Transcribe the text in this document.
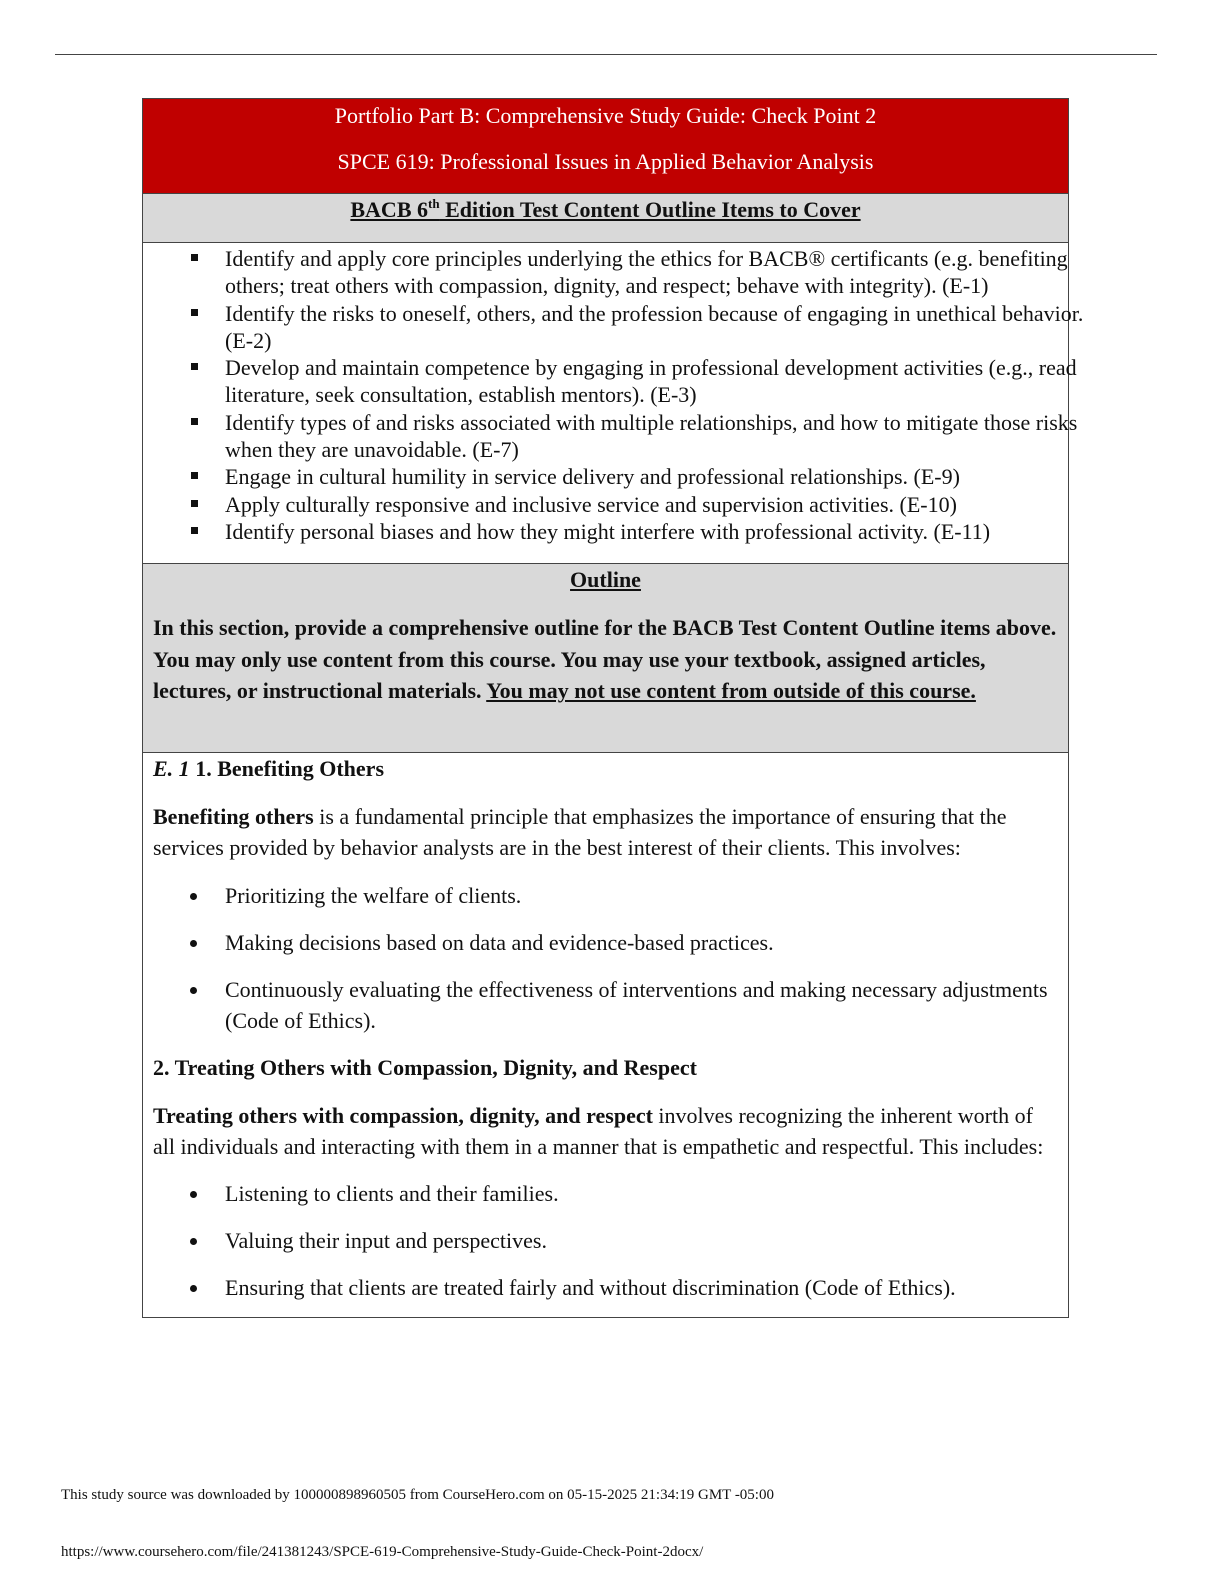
Portfolio Part B: Comprehensive Study Guide: Check Point 2
SPCE 619: Professional Issues in Applied Behavior Analysis
BACB 6th Edition Test Content Outline Items to Cover
Identify and apply core principles underlying the ethics for BACB® certificants (e.g. benefiting others; treat others with compassion, dignity, and respect; behave with integrity). (E-1)
Identify the risks to oneself, others, and the profession because of engaging in unethical behavior. (E-2)
Develop and maintain competence by engaging in professional development activities (e.g., read literature, seek consultation, establish mentors). (E-3)
Identify types of and risks associated with multiple relationships, and how to mitigate those risks when they are unavoidable. (E-7)
Engage in cultural humility in service delivery and professional relationships. (E-9)
Apply culturally responsive and inclusive service and supervision activities. (E-10)
Identify personal biases and how they might interfere with professional activity. (E-11)
Outline
In this section, provide a comprehensive outline for the BACB Test Content Outline items above. You may only use content from this course. You may use your textbook, assigned articles, lectures, or instructional materials. You may not use content from outside of this course.
E. 1 1. Benefiting Others
Benefiting others is a fundamental principle that emphasizes the importance of ensuring that the services provided by behavior analysts are in the best interest of their clients. This involves:
Prioritizing the welfare of clients.
Making decisions based on data and evidence-based practices.
Continuously evaluating the effectiveness of interventions and making necessary adjustments (Code of Ethics).
2. Treating Others with Compassion, Dignity, and Respect
Treating others with compassion, dignity, and respect involves recognizing the inherent worth of all individuals and interacting with them in a manner that is empathetic and respectful. This includes:
Listening to clients and their families.
Valuing their input and perspectives.
Ensuring that clients are treated fairly and without discrimination (Code of Ethics).
This study source was downloaded by 100000898960505 from CourseHero.com on 05-15-2025 21:34:19 GMT -05:00
https://www.coursehero.com/file/241381243/SPCE-619-Comprehensive-Study-Guide-Check-Point-2docx/
